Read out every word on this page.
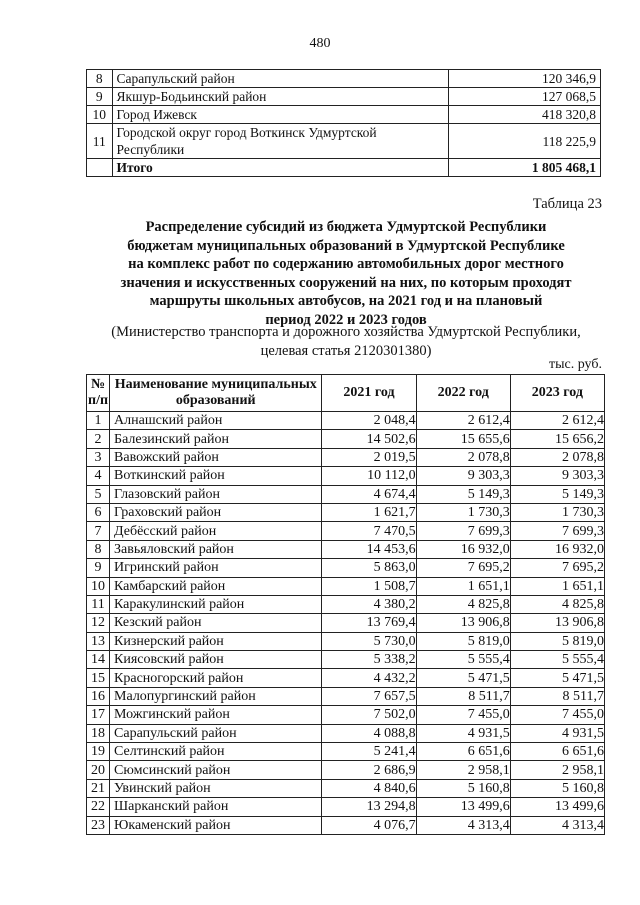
480
8	Сарапульский район	120 346,9
9	Якшур-Бодьинский район	127 068,5
10	Город Ижевск	418 320,8
11	Городской округ город Воткинск Удмуртской Республики	118 225,9
	Итого	1 805 468,1
Таблица 23
Распределение субсидий из бюджета Удмуртской Республики
бюджетам муниципальных образований в Удмуртской Республике
на комплекс работ по содержанию автомобильных дорог местного
значения и искусственных сооружений на них, по которым проходят
маршруты школьных автобусов, на 2021 год и на плановый
период 2022 и 2023 годов
(Министерство транспорта и дорожного хозяйства Удмуртской Республики,
целевая статья 2120301380)
тыс. руб.
№ п/п	Наименование муниципальных образований	2021 год	2022 год	2023 год
1	Алнашский район	2 048,4	2 612,4	2 612,4
2	Балезинский район	14 502,6	15 655,6	15 656,2
3	Вавожский район	2 019,5	2 078,8	2 078,8
4	Воткинский район	10 112,0	9 303,3	9 303,3
5	Глазовский район	4 674,4	5 149,3	5 149,3
6	Граховский район	1 621,7	1 730,3	1 730,3
7	Дебёсский район	7 470,5	7 699,3	7 699,3
8	Завьяловский район	14 453,6	16 932,0	16 932,0
9	Игринский район	5 863,0	7 695,2	7 695,2
10	Камбарский район	1 508,7	1 651,1	1 651,1
11	Каракулинский район	4 380,2	4 825,8	4 825,8
12	Кезский район	13 769,4	13 906,8	13 906,8
13	Кизнерский район	5 730,0	5 819,0	5 819,0
14	Киясовский район	5 338,2	5 555,4	5 555,4
15	Красногорский район	4 432,2	5 471,5	5 471,5
16	Малопургинский район	7 657,5	8 511,7	8 511,7
17	Можгинский район	7 502,0	7 455,0	7 455,0
18	Сарапульский район	4 088,8	4 931,5	4 931,5
19	Селтинский район	5 241,4	6 651,6	6 651,6
20	Сюмсинский район	2 686,9	2 958,1	2 958,1
21	Увинский район	4 840,6	5 160,8	5 160,8
22	Шарканский район	13 294,8	13 499,6	13 499,6
23	Юкаменский район	4 076,7	4 313,4	4 313,4
